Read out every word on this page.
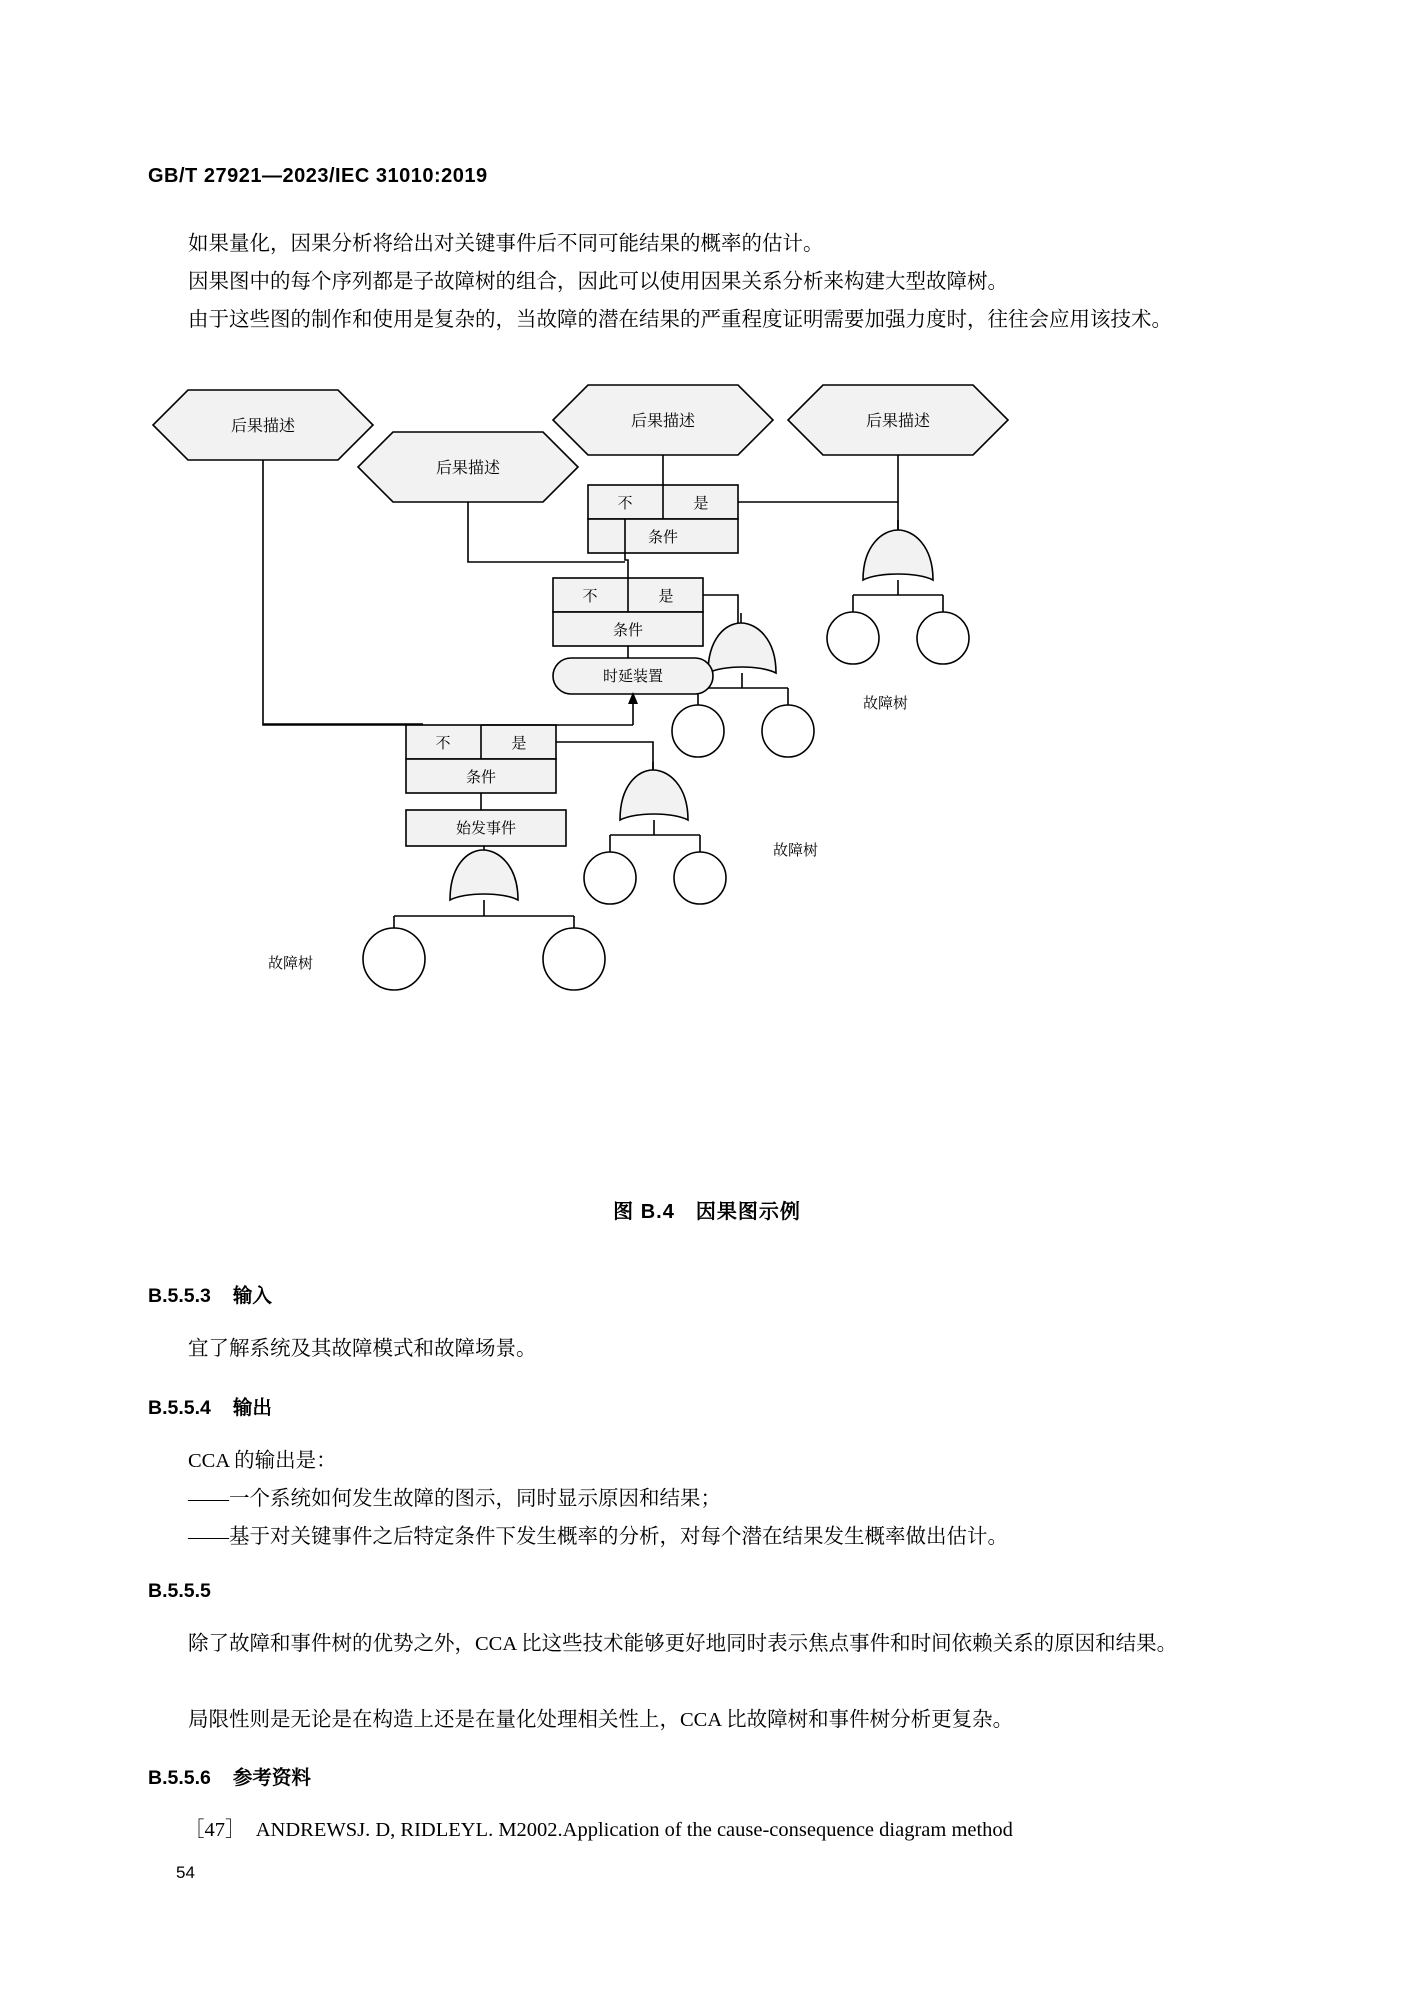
GB/T 27921—2023/IEC 31010:2019
如果量化，因果分析将给出对关键事件后不同可能结果的概率的估计。
因果图中的每个序列都是子故障树的组合，因此可以使用因果关系分析来构建大型故障树。
由于这些图的制作和使用是复杂的，当故障的潜在结果的严重程度证明需要加强力度时，往往会应用该技术。
后果描述
后果描述
后果描述	后果描述
不	是
条件
不	是
条件
故障树
时延装置
不	是
条件
故障树
始发事件
故障树
图 B.4　因果图示例
B.5.5.3 输入
宜了解系统及其故障模式和故障场景。
B.5.5.4 输出
CCA 的输出是：
——一个系统如何发生故障的图示，同时显示原因和结果；
——基于对关键事件之后特定条件下发生概率的分析，对每个潜在结果发生概率做出估计。
B.5.5.5
除了故障和事件树的优势之外，CCA 比这些技术能够更好地同时表示焦点事件和时间依赖关系的原因和结果。
局限性则是无论是在构造上还是在量化处理相关性上，CCA 比故障树和事件树分析更复杂。
B.5.5.6 参考资料
［47］　ANDREWSJ. D, RIDLEYL. M2002.Application of the cause-consequence diagram method
54
